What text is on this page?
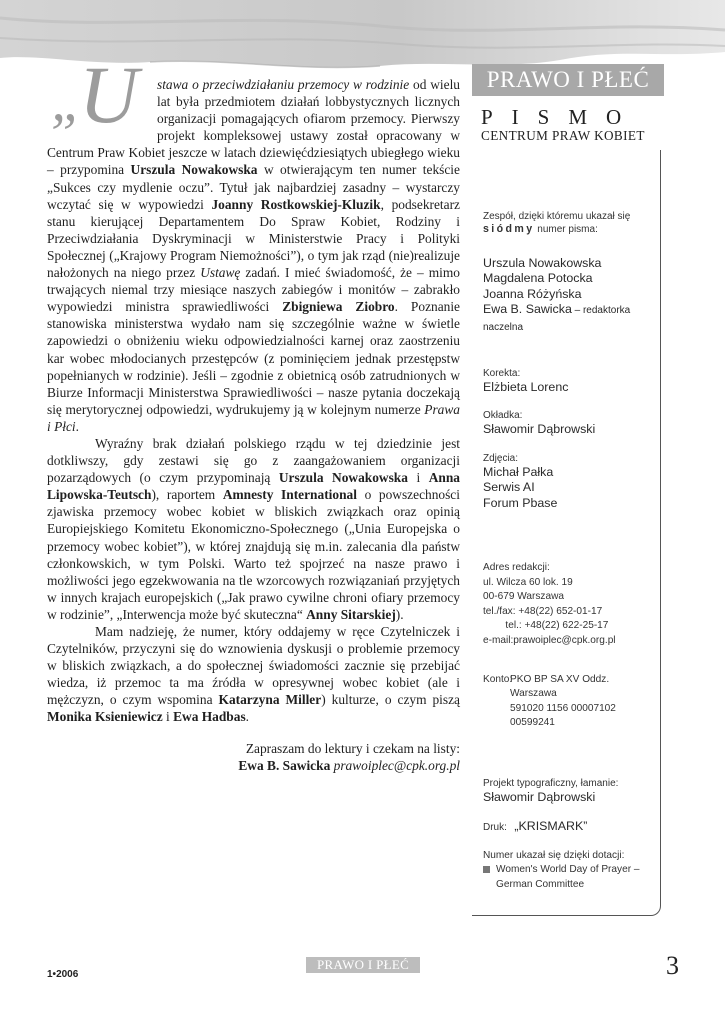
PRAWO I PŁEĆ
PISMO
CENTRUM PRAW KOBIET
„
U	stawa o przeciwdziałaniu przemocy w rodzinie od wielu lat była przedmiotem działań lobbystycznych licznych organizacji pomagających ofiarom przemocy. Pierwszy projekt kompleksowej ustawy został opracowany w Centrum Praw Kobiet jeszcze w latach dziewięćdziesiątych ubiegłego wieku – przypomina Urszula Nowakowska w otwierającym ten numer tekście „Sukces czy mydlenie oczu”. Tytuł jak najbardziej zasadny – wystarczy wczytać się w wypowiedzi Joanny Rostkowskiej-Kluzik, podsekretarz stanu kierującej Departamentem Do Spraw Kobiet, Rodziny i Przeciwdziałania Dyskryminacji w Ministerstwie Pracy i Polityki Społecznej („Krajowy Program Niemożności”), o tym jak rząd (nie)realizuje nałożonych na niego przez Ustawę zadań. I mieć świadomość, że – mimo trwających niemal trzy miesiące naszych zabiegów i monitów – zabrakło wypowiedzi ministra sprawiedliwości Zbigniewa Ziobro. Poznanie stanowiska ministerstwa wydało nam się szczególnie ważne w świetle zapowiedzi o obniżeniu wieku odpowiedzialności karnej oraz zaostrzeniu kar wobec młodocianych przestępców (z pominięciem jednak przestępstw popełnianych w rodzinie). Jeśli – zgodnie z obietnicą osób zatrudnionych w Biurze Informacji Ministerstwa Sprawiedliwości – nasze pytania doczekają się merytorycznej odpowiedzi, wydrukujemy ją w kolejnym numerze Prawa i Płci.

Wyraźny brak działań polskiego rządu w tej dziedzinie jest dotkliwszy, gdy zestawi się go z zaangażowaniem organizacji pozarządowych (o czym przypominają Urszula Nowakowska i Anna Lipowska-Teutsch), raportem Amnesty International o powszechności zjawiska przemocy wobec kobiet w bliskich związkach oraz opinią Europiejskiego Komitetu Ekonomiczno-Społecznego („Unia Europejska o przemocy wobec kobiet”), w której znajdują się m.in. zalecania dla państw członkowskich, w tym Polski. Warto też spojrzeć na nasze prawo i możliwości jego egzekwowania na tle wzorcowych rozwiązaniań przyjętych w innych krajach europejskich („Jak prawo cywilne chroni ofiary przemocy w rodzinie”, „Interwencja może być skuteczna“ Anny Sitarskiej).

Mam nadzieję, że numer, który oddajemy w ręce Czytelniczek i Czytelników, przyczyni się do wznowienia dyskusji o problemie przemocy w bliskich związkach, a do społecznej świadomości zacznie się przebijać wiedza, iż przemoc ta ma źródła w opresywnej wobec kobiet (ale i mężczyzn, o czym wspomina Katarzyna Miller) kulturze, o czym piszą Monika Ksieniewicz i Ewa Hadbas.

Zapraszam do lektury i czekam na listy:
Ewa B. Sawicka prawoiplec@cpk.org.pl

Zespół, dzięki któremu ukazał się
siódmy numer pisma:
Urszula Nowakowska
Magdalena Potocka
Joanna Różyńska
Ewa B. Sawicka – redaktorka naczelna
Korekta:
Elżbieta Lorenc
Okładka:
Sławomir Dąbrowski
Zdjęcia:
Michał Pałka
Serwis AI
Forum Pbase
Adres redakcji:
ul. Wilcza 60 lok. 19
00-679 Warszawa
tel./fax: +48(22) 652-01-17
tel.: +48(22) 622-25-17
e-mail:prawoiplec@cpk.org.pl
Konto:
PKO BP SA XV Oddz. Warszawa
591020 1156 00007102 00599241
Projekt typograficzny, łamanie:
Sławomir Dąbrowski
Druk: „KRISMARK”
Numer ukazał się dzięki dotacji:
Women's World Day of Prayer – German Committee
1•2006
PRAWO I PŁEĆ	3
